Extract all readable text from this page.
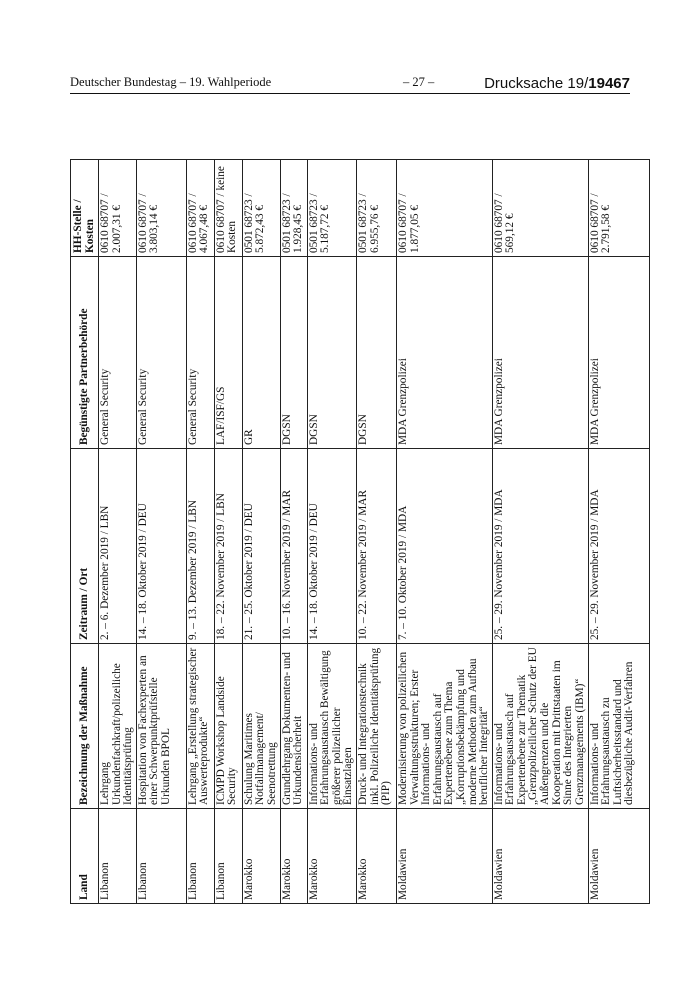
Deutscher Bundestag – 19. Wahlperiode	– 27 –	Drucksache 19/19467
Land	Bezeichnung der Maßnahme	Zeitraum / Ort	Begünstigte Partnerbehörde	HH-Stelle / Kosten
Libanon	Lehrgang Urkundenfachkraft/polizeiliche Identitätsprüfung	2. – 6. Dezember 2019 / LBN	General Security	0610 68707 / 2.007,31 €
Libanon	Hospitation von Fachexperten an einer Schwerpunktprüfstelle Urkunden BPOL	14. – 18. Oktober 2019 / DEU	General Security	0610 68707 / 3.803,14 €
Libanon	Lehrgang „Erstellung strategischer Auswerteprodukte“	9. – 13. Dezember 2019 / LBN	General Security	0610 68707 / 4.067,48 €
Libanon	ICMPD Workshop Landside Security	18. – 22. November 2019 / LBN	LAF/ISF/GS	0610 68707 / keine Kosten
Marokko	Schulung Maritimes Notfallmanagement/ Seenotrettung	21. – 25. Oktober 2019 / DEU	GR	0501 68723 / 5.872,43 €
Marokko	Grundlehrgang Dokumenten- und Urkundensicherheit	10. – 16. November 2019 / MAR	DGSN	0501 68723 / 1.928,45 €
Marokko	Informations- und Erfahrungsaustausch Bewältigung größerer polizeilicher Einsatzlagen	14. – 18. Oktober 2019 / DEU	DGSN	0501 68723 / 5.187,72 €
Marokko	Druck- und Integrationstechnik inkl. Polizeiliche Identitätsprüfung (PIP)	10. – 22. November 2019 / MAR	DGSN	0501 68723 / 6.955,76 €
Moldawien	Modernisierung von polizeilichen Verwaltungsstrukturen; Erster Informations- und Erfahrungsaustausch auf Expertenebene zum Thema „Korruptionsbekämpfung und moderne Methoden zum Aufbau beruflicher Integrität“	7. – 10. Oktober 2019 / MDA	MDA Grenzpolizei	0610 68707 / 1.877,05 €
Moldawien	Informations- und Erfahrungsaustausch auf Expertenebene zur Thematik „Grenzpolizeilicher Schutz der EU Außengrenzen und die Kooperation mit Drittstaaten im Sinne des Integrierten Grenzmanagements (IBM)“	25. – 29. November 2019 / MDA	MDA Grenzpolizei	0610 68707 / 569,12 €
Moldawien	Informations- und Erfahrungsaustausch zu Luftsicherheitsstandard und diesbezügliche Audit-Verfahren	25. – 29. November 2019 / MDA	MDA Grenzpolizei	0610 68707 / 2.791,58 €
